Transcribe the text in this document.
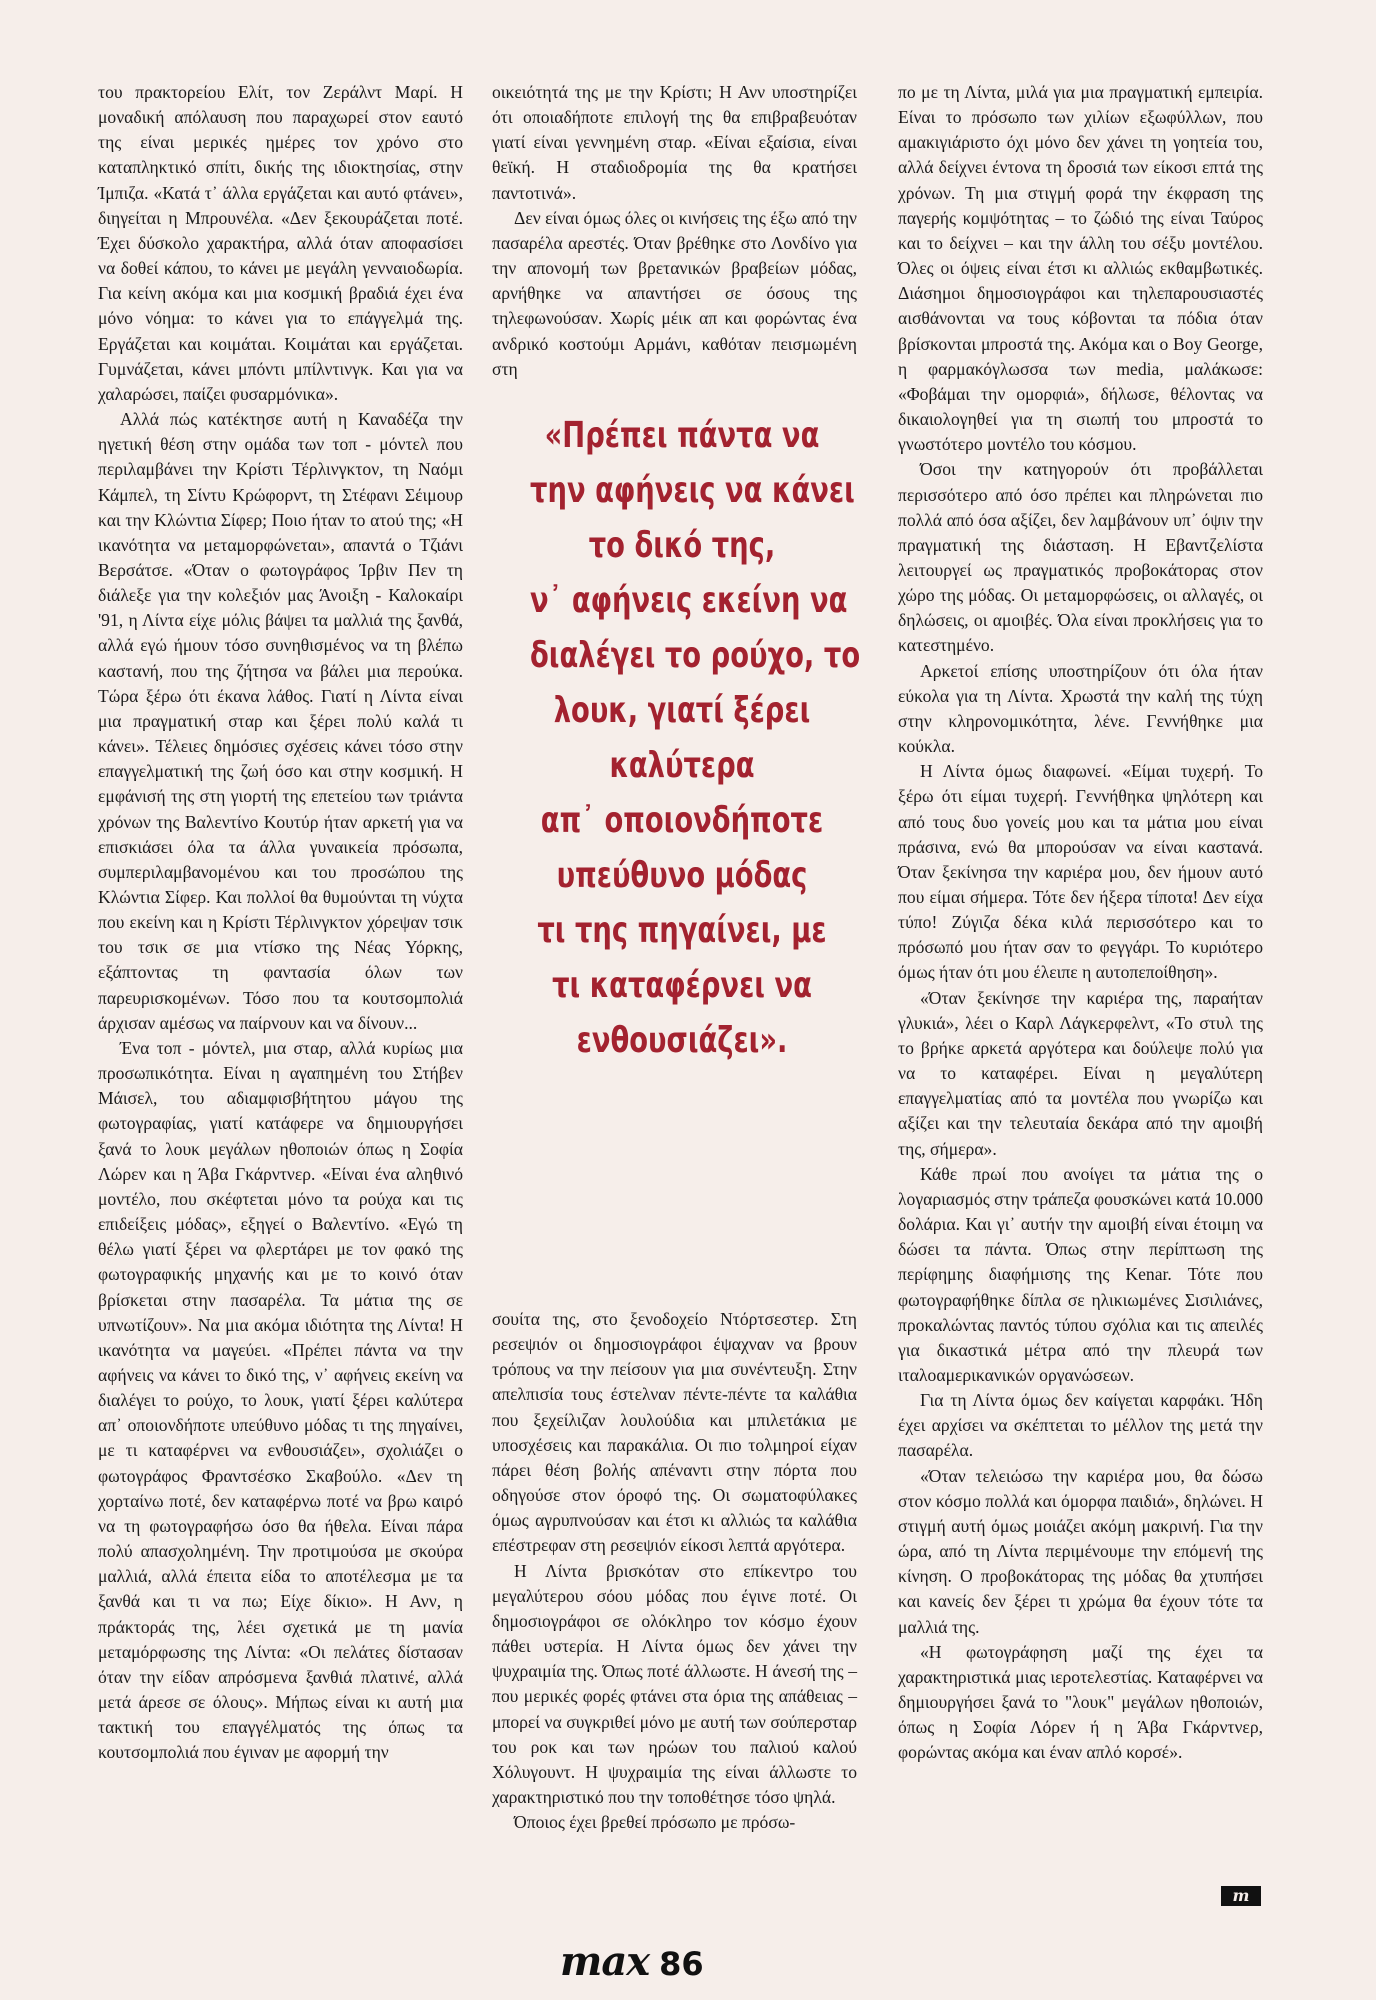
του πρακτορείου Ελίτ, τον Ζεράλντ Μαρί. Η μοναδική απόλαυση που παραχωρεί στον εαυτό της είναι μερικές ημέρες τον χρόνο στο καταπληκτικό σπίτι, δικής της ιδιοκτησίας, στην Ίμπιζα. «Κατά τ᾽ άλλα εργάζεται και αυτό φτάνει», διηγείται η Μπρουνέλα. «Δεν ξεκουράζεται ποτέ. Έχει δύσκολο χαρακτήρα, αλλά όταν αποφασίσει να δοθεί κάπου, το κάνει με μεγάλη γενναιοδωρία. Για κείνη ακόμα και μια κοσμική βραδιά έχει ένα μόνο νόημα: το κάνει για το επάγγελμά της. Εργάζεται και κοιμάται. Κοιμάται και εργάζεται. Γυμνάζεται, κάνει μπόντι μπίλντινγκ. Και για να χαλαρώσει, παίζει φυσαρμόνικα».

Αλλά πώς κατέκτησε αυτή η Καναδέζα την ηγετική θέση στην ομάδα των τοπ - μόντελ που περιλαμβάνει την Κρίστι Τέρλινγκτον, τη Ναόμι Κάμπελ, τη Σίντυ Κρώφορντ, τη Στέφανι Σέιμουρ και την Κλώντια Σίφερ; Ποιο ήταν το ατού της; «Η ικανότητα να μεταμορφώνεται», απαντά ο Τζιάνι Βερσάτσε. «Όταν ο φωτογράφος Ίρβιν Πεν τη διάλεξε για την κολεξιόν μας Άνοιξη - Καλοκαίρι '91, η Λίντα είχε μόλις βάψει τα μαλλιά της ξανθά, αλλά εγώ ήμουν τόσο συνηθισμένος να τη βλέπω καστανή, που της ζήτησα να βάλει μια περούκα. Τώρα ξέρω ότι έκανα λάθος. Γιατί η Λίντα είναι μια πραγματική σταρ και ξέρει πολύ καλά τι κάνει». Τέλειες δημόσιες σχέσεις κάνει τόσο στην επαγγελματική της ζωή όσο και στην κοσμική. Η εμφάνισή της στη γιορτή της επετείου των τριάντα χρόνων της Βαλεντίνο Κουτύρ ήταν αρκετή για να επισκιάσει όλα τα άλλα γυναικεία πρόσωπα, συμπεριλαμβανομένου και του προσώπου της Κλώντια Σίφερ. Και πολλοί θα θυμούνται τη νύχτα που εκείνη και η Κρίστι Τέρλινγκτον χόρεψαν τσικ του τσικ σε μια ντίσκο της Νέας Υόρκης, εξάπτοντας τη φαντασία όλων των παρευρισκομένων. Τόσο που τα κουτσομπολιά άρχισαν αμέσως να παίρνουν και να δίνουν...

Ένα τοπ - μόντελ, μια σταρ, αλλά κυρίως μια προσωπικότητα. Είναι η αγαπημένη του Στήβεν Μάισελ, του αδιαμφισβήτητου μάγου της φωτογραφίας, γιατί κατάφερε να δημιουργήσει ξανά το λουκ μεγάλων ηθοποιών όπως η Σοφία Λώρεν και η Άβα Γκάρντνερ. «Είναι ένα αληθινό μοντέλο, που σκέφτεται μόνο τα ρούχα και τις επιδείξεις μόδας», εξηγεί ο Βαλεντίνο. «Εγώ τη θέλω γιατί ξέρει να φλερτάρει με τον φακό της φωτογραφικής μηχανής και με το κοινό όταν βρίσκεται στην πασαρέλα. Τα μάτια της σε υπνωτίζουν». Να μια ακόμα ιδιότητα της Λίντα! Η ικανότητα να μαγεύει. «Πρέπει πάντα να την αφήνεις να κάνει το δικό της, ν᾽ αφήνεις εκείνη να διαλέγει το ρούχο, το λουκ, γιατί ξέρει καλύτερα απ᾽ οποιονδήποτε υπεύθυνο μόδας τι της πηγαίνει, με τι καταφέρνει να ενθουσιάζει», σχολιάζει ο φωτογράφος Φραντσέσκο Σκαβούλο. «Δεν τη χορταίνω ποτέ, δεν καταφέρνω ποτέ να βρω καιρό να τη φωτογραφήσω όσο θα ήθελα. Είναι πάρα πολύ απασχολημένη. Την προτιμούσα με σκούρα μαλλιά, αλλά έπειτα είδα το αποτέλεσμα με τα ξανθά και τι να πω; Είχε δίκιο». Η Ανν, η πράκτοράς της, λέει σχετικά με τη μανία μεταμόρφωσης της Λίντα: «Οι πελάτες δίστασαν όταν την είδαν απρόσμενα ξανθιά πλατινέ, αλλά μετά άρεσε σε όλους». Μήπως είναι κι αυτή μια τακτική του επαγγέλματός της όπως τα κουτσομπολιά που έγιναν με αφορμή την

οικειότητά της με την Κρίστι; Η Ανν υποστηρίζει ότι οποιαδήποτε επιλογή της θα επιβραβευόταν γιατί είναι γεννημένη σταρ. «Είναι εξαίσια, είναι θεϊκή. Η σταδιοδρομία της θα κρατήσει παντοτινά».

Δεν είναι όμως όλες οι κινήσεις της έξω από την πασαρέλα αρεστές. Όταν βρέθηκε στο Λονδίνο για την απονομή των βρετανικών βραβείων μόδας, αρνήθηκε να απαντήσει σε όσους της τηλεφωνούσαν. Χωρίς μέικ απ και φορώντας ένα ανδρικό κοστούμι Αρμάνι, καθόταν πεισμωμένη στη

«Πρέπει πάντα να
την αφήνεις να κάνει
το δικό της,
ν᾽ αφήνεις εκείνη να
διαλέγει το ρούχο, το
λουκ, γιατί ξέρει
καλύτερα
απ᾽ οποιονδήποτε
υπεύθυνο μόδας
τι της πηγαίνει, με
τι καταφέρνει να
ενθουσιάζει».

σουίτα της, στο ξενοδοχείο Ντόρτσεστερ. Στη ρεσεψιόν οι δημοσιογράφοι έψαχναν να βρουν τρόπους να την πείσουν για μια συνέντευξη. Στην απελπισία τους έστελναν πέντε-πέντε τα καλάθια που ξεχείλιζαν λουλούδια και μπιλετάκια με υποσχέσεις και παρακάλια. Οι πιο τολμηροί είχαν πάρει θέση βολής απέναντι στην πόρτα που οδηγούσε στον όροφό της. Οι σωματοφύλακες όμως αγρυπνούσαν και έτσι κι αλλιώς τα καλάθια επέστρεφαν στη ρεσεψιόν είκοσι λεπτά αργότερα.

Η Λίντα βρισκόταν στο επίκεντρο του μεγαλύτερου σόου μόδας που έγινε ποτέ. Οι δημοσιογράφοι σε ολόκληρο τον κόσμο έχουν πάθει υστερία. Η Λίντα όμως δεν χάνει την ψυχραιμία της. Όπως ποτέ άλλωστε. Η άνεσή της – που μερικές φορές φτάνει στα όρια της απάθειας – μπορεί να συγκριθεί μόνο με αυτή των σούπερσταρ του ροκ και των ηρώων του παλιού καλού Χόλυγουντ. Η ψυχραιμία της είναι άλλωστε το χαρακτηριστικό που την τοποθέτησε τόσο ψηλά.

Όποιος έχει βρεθεί πρόσωπο με πρόσω-

πο με τη Λίντα, μιλά για μια πραγματική εμπειρία. Είναι το πρόσωπο των χιλίων εξωφύλλων, που αμακιγιάριστο όχι μόνο δεν χάνει τη γοητεία του, αλλά δείχνει έντονα τη δροσιά των είκοσι επτά της χρόνων. Τη μια στιγμή φορά την έκφραση της παγερής κομψότητας – το ζώδιό της είναι Ταύρος και το δείχνει – και την άλλη του σέξυ μοντέλου. Όλες οι όψεις είναι έτσι κι αλλιώς εκθαμβωτικές. Διάσημοι δημοσιογράφοι και τηλεπαρουσιαστές αισθάνονται να τους κόβονται τα πόδια όταν βρίσκονται μπροστά της. Ακόμα και ο Boy George, η φαρμακόγλωσσα των media, μαλάκωσε: «Φοβάμαι την ομορφιά», δήλωσε, θέλοντας να δικαιολογηθεί για τη σιωπή του μπροστά το γνωστότερο μοντέλο του κόσμου.

Όσοι την κατηγορούν ότι προβάλλεται περισσότερο από όσο πρέπει και πληρώνεται πιο πολλά από όσα αξίζει, δεν λαμβάνουν υπ᾽ όψιν την πραγματική της διάσταση. Η Εβαντζελίστα λειτουργεί ως πραγματικός προβοκάτορας στον χώρο της μόδας. Οι μεταμορφώσεις, οι αλλαγές, οι δηλώσεις, οι αμοιβές. Όλα είναι προκλήσεις για το κατεστημένο.

Αρκετοί επίσης υποστηρίζουν ότι όλα ήταν εύκολα για τη Λίντα. Χρωστά την καλή της τύχη στην κληρονομικότητα, λένε. Γεννήθηκε μια κούκλα.

Η Λίντα όμως διαφωνεί. «Είμαι τυχερή. Το ξέρω ότι είμαι τυχερή. Γεννήθηκα ψηλότερη και από τους δυο γονείς μου και τα μάτια μου είναι πράσινα, ενώ θα μπορούσαν να είναι καστανά. Όταν ξεκίνησα την καριέρα μου, δεν ήμουν αυτό που είμαι σήμερα. Τότε δεν ήξερα τίποτα! Δεν είχα τύπο! Ζύγιζα δέκα κιλά περισσότερο και το πρόσωπό μου ήταν σαν το φεγγάρι. Το κυριότερο όμως ήταν ότι μου έλειπε η αυτοπεποίθηση».

«Όταν ξεκίνησε την καριέρα της, παραήταν γλυκιά», λέει ο Καρλ Λάγκερφελντ, «Το στυλ της το βρήκε αρκετά αργότερα και δούλεψε πολύ για να το καταφέρει. Είναι η μεγαλύτερη επαγγελματίας από τα μοντέλα που γνωρίζω και αξίζει και την τελευταία δεκάρα από την αμοιβή της, σήμερα».

Κάθε πρωί που ανοίγει τα μάτια της ο λογαριασμός στην τράπεζα φουσκώνει κατά 10.000 δολάρια. Και γι᾽ αυτήν την αμοιβή είναι έτοιμη να δώσει τα πάντα. Όπως στην περίπτωση της περίφημης διαφήμισης της Kenar. Τότε που φωτογραφήθηκε δίπλα σε ηλικιωμένες Σισιλιάνες, προκαλώντας παντός τύπου σχόλια και τις απειλές για δικαστικά μέτρα από την πλευρά των ιταλοαμερικανικών οργανώσεων.

Για τη Λίντα όμως δεν καίγεται καρφάκι. Ήδη έχει αρχίσει να σκέπτεται το μέλλον της μετά την πασαρέλα.

«Όταν τελειώσω την καριέρα μου, θα δώσω στον κόσμο πολλά και όμορφα παιδιά», δηλώνει. Η στιγμή αυτή όμως μοιάζει ακόμη μακρινή. Για την ώρα, από τη Λίντα περιμένουμε την επόμενή της κίνηση. Ο προβοκάτορας της μόδας θα χτυπήσει και κανείς δεν ξέρει τι χρώμα θα έχουν τότε τα μαλλιά της.

«Η φωτογράφηση μαζί της έχει τα χαρακτηριστικά μιας ιεροτελεστίας. Καταφέρνει να δημιουργήσει ξανά το "λουκ" μεγάλων ηθοποιών, όπως η Σοφία Λόρεν ή η Άβα Γκάρντνερ, φορώντας ακόμα και έναν απλό κορσέ».

m
max 86
